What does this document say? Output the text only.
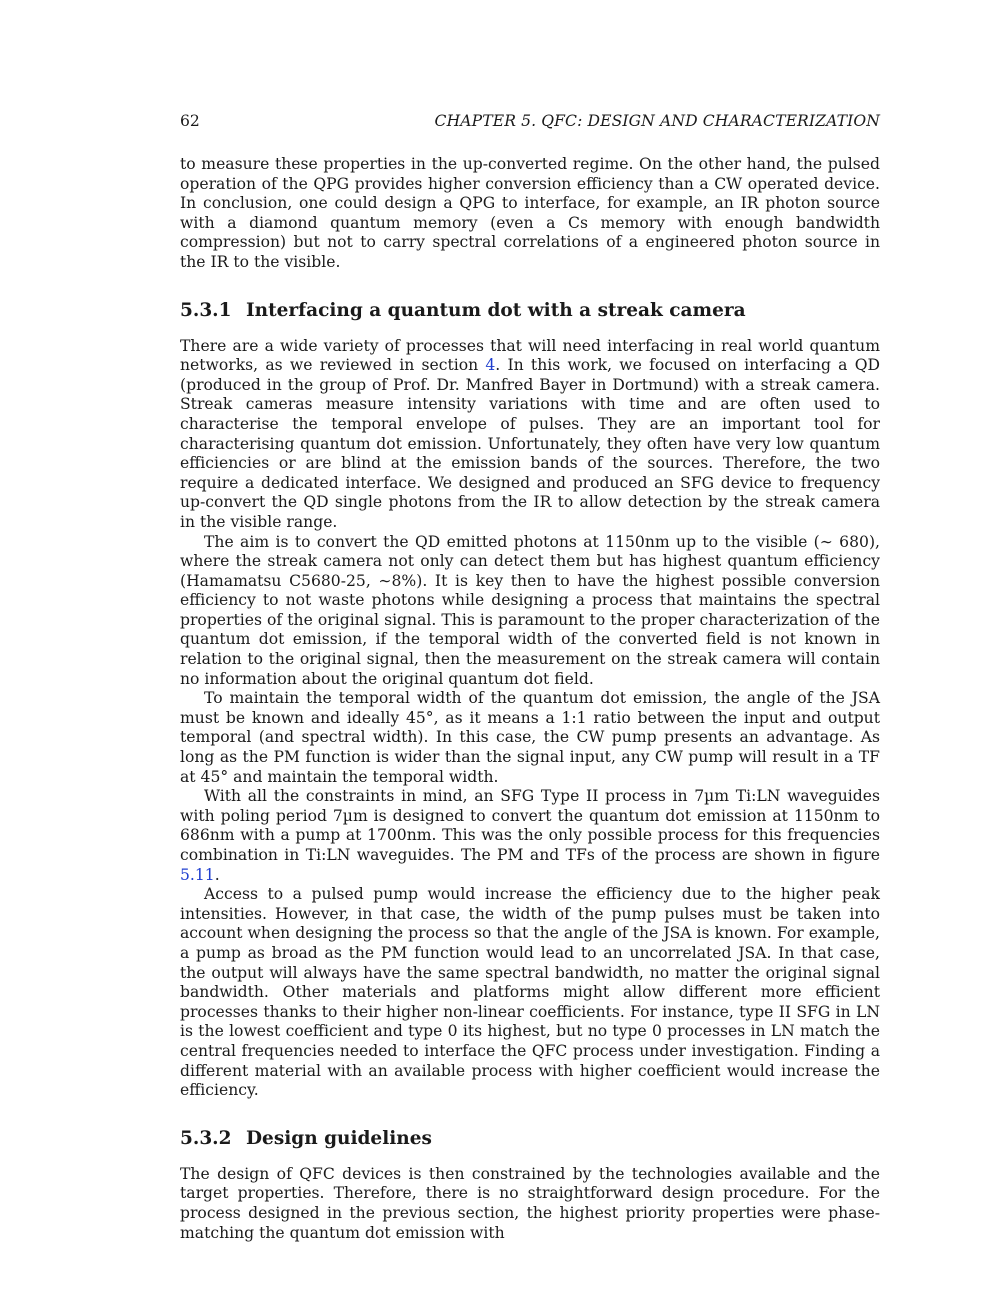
62	CHAPTER 5. QFC: DESIGN AND CHARACTERIZATION

to measure these properties in the up-converted regime. On the other hand, the pulsed operation of the QPG provides higher conversion efficiency than a CW operated device. In conclusion, one could design a QPG to interface, for example, an IR photon source with a diamond quantum memory (even a Cs memory with enough bandwidth compression) but not to carry spectral correlations of a engineered photon source in the IR to the visible.

5.3.1 Interfacing a quantum dot with a streak camera

There are a wide variety of processes that will need interfacing in real world quantum networks, as we reviewed in section 4. In this work, we focused on interfacing a QD (produced in the group of Prof. Dr. Manfred Bayer in Dortmund) with a streak camera. Streak cameras measure intensity variations with time and are often used to characterise the temporal envelope of pulses. They are an important tool for characterising quantum dot emission. Unfortunately, they often have very low quantum efficiencies or are blind at the emission bands of the sources. Therefore, the two require a dedicated interface. We designed and produced an SFG device to frequency up-convert the QD single photons from the IR to allow detection by the streak camera in the visible range.

The aim is to convert the QD emitted photons at 1150nm up to the visible (∼ 680), where the streak camera not only can detect them but has highest quantum efficiency (Hamamatsu C5680-25, ∼8%). It is key then to have the highest possible conversion efficiency to not waste photons while designing a process that maintains the spectral properties of the original signal. This is paramount to the proper characterization of the quantum dot emission, if the temporal width of the converted field is not known in relation to the original signal, then the measurement on the streak camera will contain no information about the original quantum dot field.

To maintain the temporal width of the quantum dot emission, the angle of the JSA must be known and ideally 45°, as it means a 1:1 ratio between the input and output temporal (and spectral width). In this case, the CW pump presents an advantage. As long as the PM function is wider than the signal input, any CW pump will result in a TF at 45° and maintain the temporal width.

With all the constraints in mind, an SFG Type II process in 7µm Ti:LN waveguides with poling period 7µm is designed to convert the quantum dot emission at 1150nm to 686nm with a pump at 1700nm. This was the only possible process for this frequencies combination in Ti:LN waveguides. The PM and TFs of the process are shown in figure 5.11.

Access to a pulsed pump would increase the efficiency due to the higher peak intensities. However, in that case, the width of the pump pulses must be taken into account when designing the process so that the angle of the JSA is known. For example, a pump as broad as the PM function would lead to an uncorrelated JSA. In that case, the output will always have the same spectral bandwidth, no matter the original signal bandwidth. Other materials and platforms might allow different more efficient processes thanks to their higher non-linear coefficients. For instance, type II SFG in LN is the lowest coefficient and type 0 its highest, but no type 0 processes in LN match the central frequencies needed to interface the QFC process under investigation. Finding a different material with an available process with higher coefficient would increase the efficiency.

5.3.2 Design guidelines

The design of QFC devices is then constrained by the technologies available and the target properties. Therefore, there is no straightforward design procedure. For the process designed in the previous section, the highest priority properties were phase-matching the quantum dot emission with
